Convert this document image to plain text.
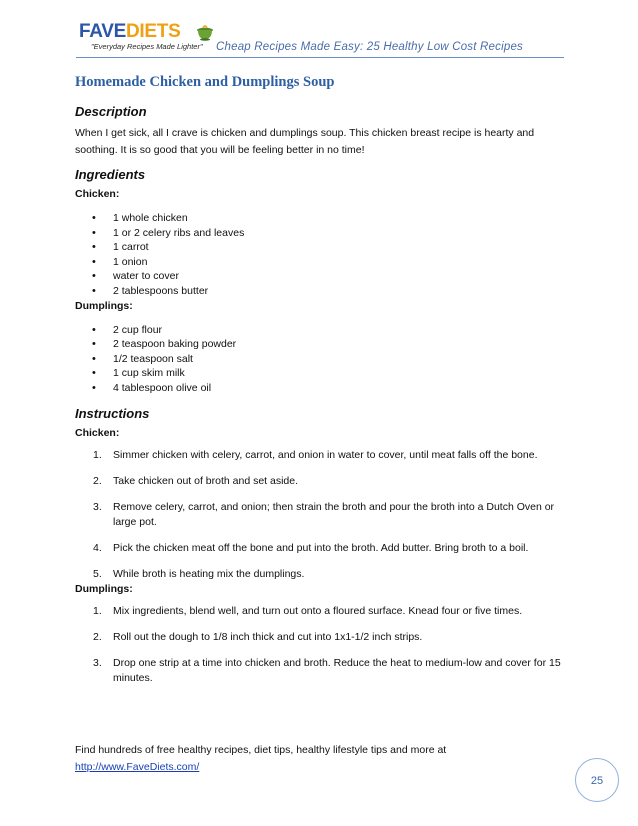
FAVEDIETS
"Everyday Recipes Made Lighter" Cheap Recipes Made Easy: 25 Healthy Low Cost Recipes
Homemade Chicken and Dumplings Soup
Description

When I get sick, all I crave is chicken and dumplings soup. This chicken breast recipe is hearty and soothing. It is so good that you will be feeling better in no time!

Ingredients
Chicken:
• 1 whole chicken
• 1 or 2 celery ribs and leaves
• 1 carrot
• 1 onion
• water to cover
• 2 tablespoons butter
Dumplings:
• 2 cup flour
• 2 teaspoon baking powder
• 1/2 teaspoon salt
• 1 cup skim milk
• 4 tablespoon olive oil
Instructions
Chicken:
1. Simmer chicken with celery, carrot, and onion in water to cover, until meat falls off the bone.
2. Take chicken out of broth and set aside.
3. Remove celery, carrot, and onion; then strain the broth and pour the broth into a Dutch Oven or large pot.
4. Pick the chicken meat off the bone and put into the broth. Add butter. Bring broth to a boil.
5. While broth is heating mix the dumplings.
Dumplings:
1. Mix ingredients, blend well, and turn out onto a floured surface. Knead four or five times.
2. Roll out the dough to 1/8 inch thick and cut into 1x1-1/2 inch strips.
3. Drop one strip at a time into chicken and broth. Reduce the heat to medium-low and cover for 15 minutes.
Find hundreds of free healthy recipes, diet tips, healthy lifestyle tips and more at
http://www.FaveDiets.com/
25
